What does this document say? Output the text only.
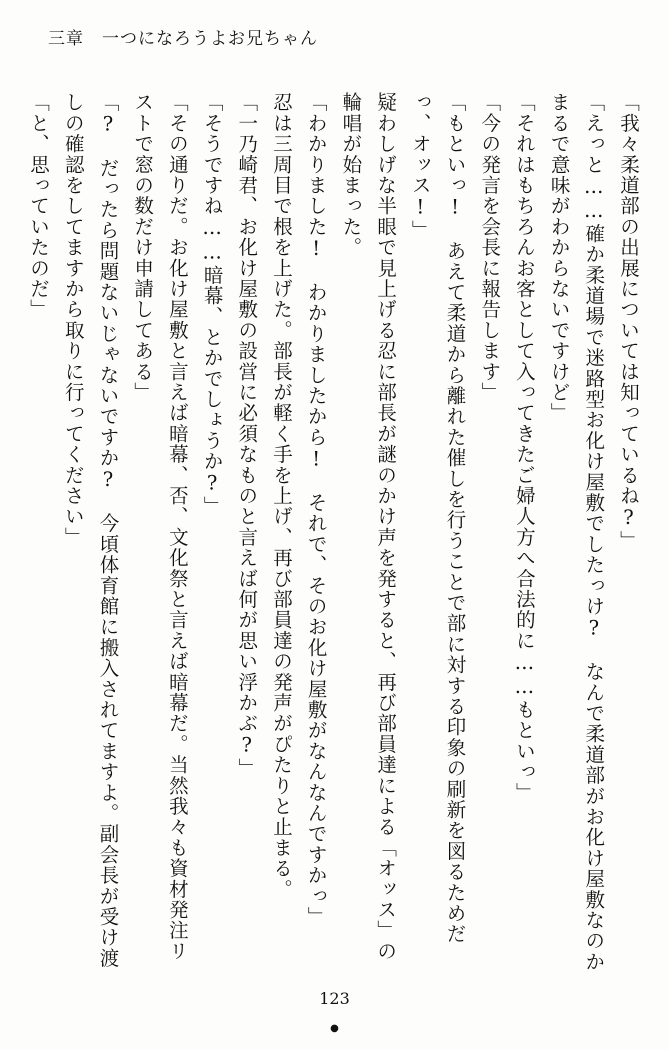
三章 一つになろうよお兄ちゃん

「我々柔道部の出展については知っているね?」

「えっと……確か柔道場で迷路型お化け屋敷でしたっけ?　なんで柔道部がお化け屋敷なのかまるで意味がわからないですけど」

「それはもちろんお客として入ってきたご婦人方へ合法的に……もといっ」

「今の発言を会長に報告します」

「もといっ!　あえて柔道から離れた催しを行うことで部に対する印象の刷新を図るためだっ、オッス!」

疑わしげな半眼で見上げる忍に部長が謎のかけ声を発すると、再び部員達による「オッス」の輪唱が始まった。

「わかりました!　わかりましたから!　それで、そのお化け屋敷がなんなんですかっ」

忍は三周目で根を上げた。部長が軽く手を上げ、再び部員達の発声がぴたりと止まる。

「一乃崎君、お化け屋敷の設営に必須なものと言えば何が思い浮かぶ?」

「そうですね……暗幕、とかでしょうか?」

「その通りだ。お化け屋敷と言えば暗幕、否、文化祭と言えば暗幕だ。当然我々も資材発注リストで窓の数だけ申請してある」

「?　だったら問題ないじゃないですか?　今頃体育館に搬入されてますよ。副会長が受け渡しの確認をしてますから取りに行ってください」

「と、思っていたのだ」

123
●
